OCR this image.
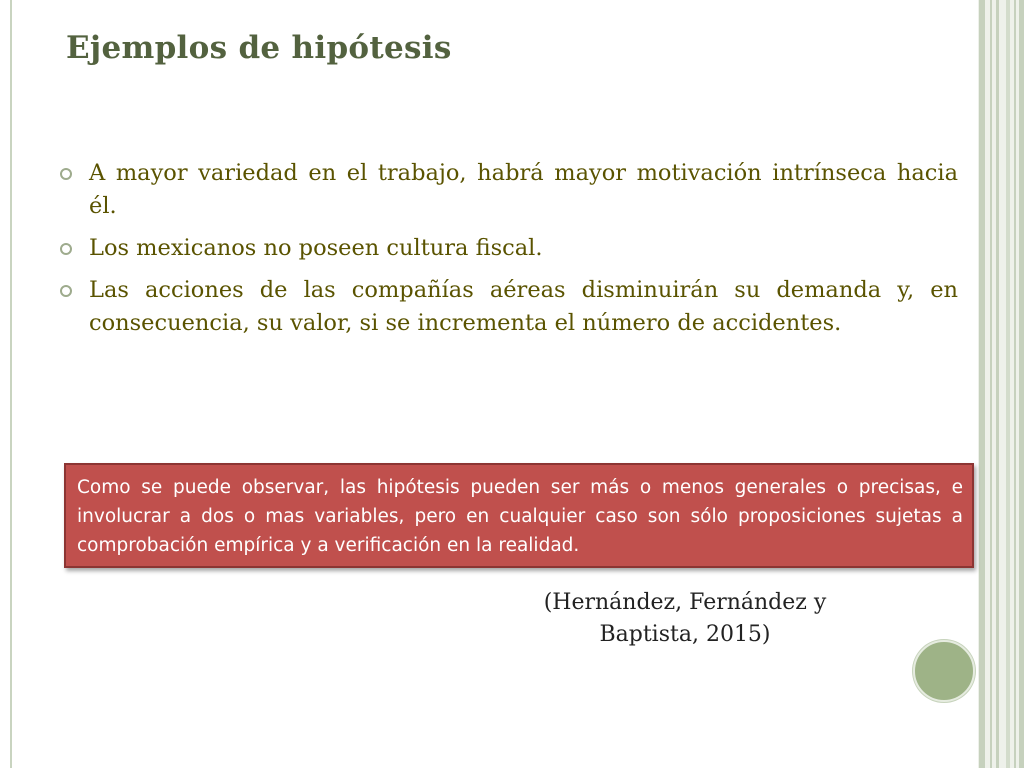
Ejemplos de hipótesis
A mayor variedad en el trabajo, habrá mayor motivación intrínseca hacia él.
Los mexicanos no poseen cultura fiscal.
Las acciones de las compañías aéreas disminuirán su demanda y, en consecuencia, su valor, si se incrementa el número de accidentes.

Como se puede observar, las hipótesis pueden ser más o menos generales o precisas, e involucrar a dos o mas variables, pero en cualquier caso son sólo proposiciones sujetas a comprobación empírica y a verificación en la realidad.

(Hernández, Fernández y
Baptista, 2015)
